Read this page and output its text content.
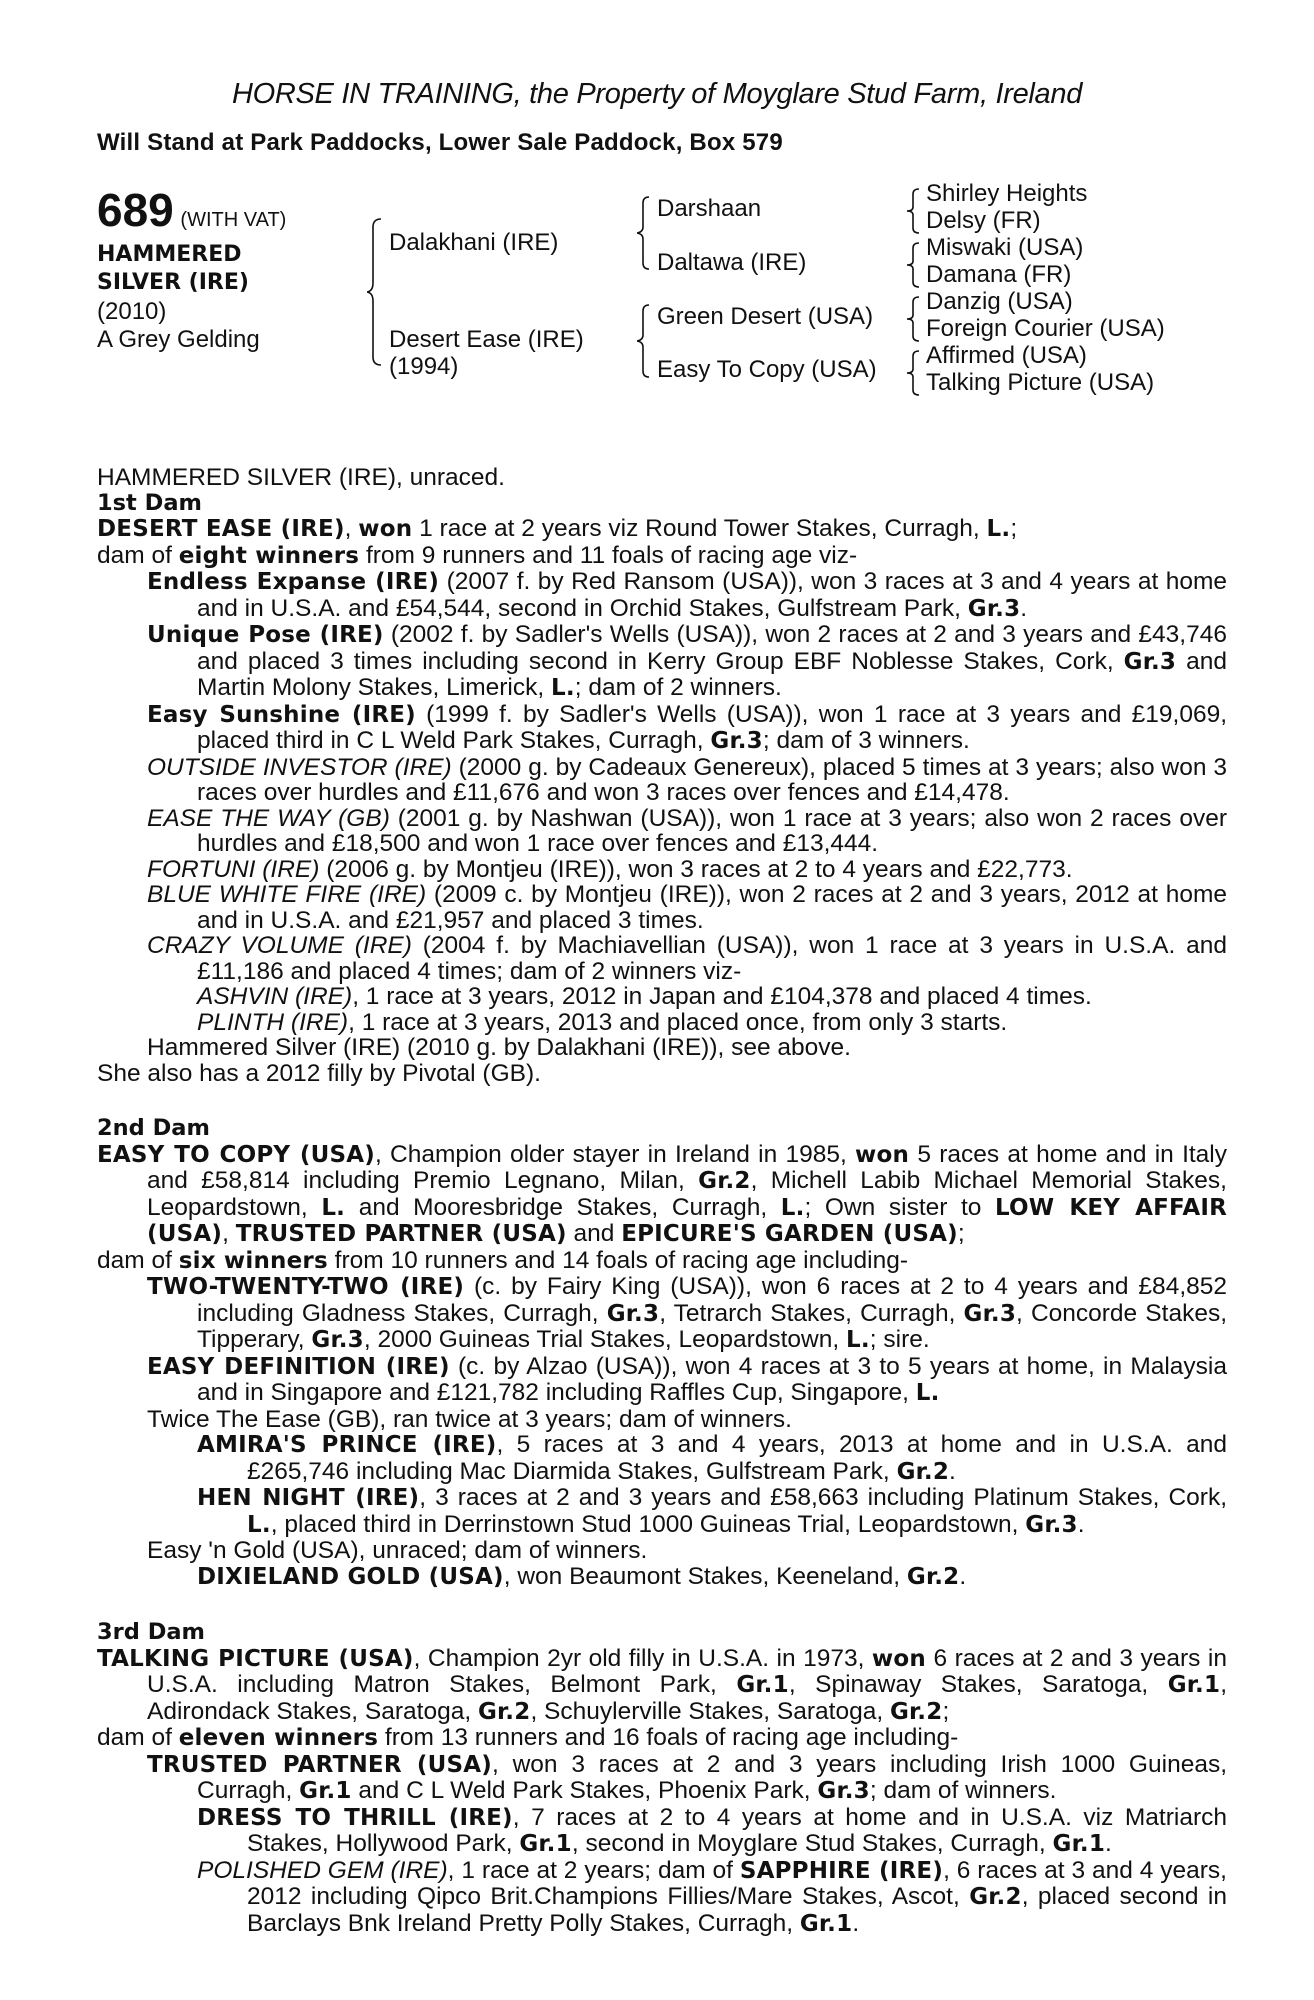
HORSE IN TRAINING, the Property of Moyglare Stud Farm, Ireland
Will Stand at Park Paddocks, Lower Sale Paddock, Box 579
689 (WITH VAT)
HAMMERED
SILVER (IRE)
(2010)
A Grey Gelding
Dalakhani (IRE)
Desert Ease (IRE)
(1994)
Darshaan
Daltawa (IRE)
Green Desert (USA)
Easy To Copy (USA)
Shirley Heights
Delsy (FR)
Miswaki (USA)
Damana (FR)
Danzig (USA)
Foreign Courier (USA)
Affirmed (USA)
Talking Picture (USA)

HAMMERED SILVER (IRE), unraced.

1st Dam

DESERT EASE (IRE), won 1 race at 2 years viz Round Tower Stakes, Curragh, L.;

dam of eight winners from 9 runners and 11 foals of racing age viz-

Endless Expanse (IRE) (2007 f. by Red Ransom (USA)), won 3 races at 3 and 4 years at home and in U.S.A. and £54,544, second in Orchid Stakes, Gulfstream Park, Gr.3.

Unique Pose (IRE) (2002 f. by Sadler's Wells (USA)), won 2 races at 2 and 3 years and £43,746 and placed 3 times including second in Kerry Group EBF Noblesse Stakes, Cork, Gr.3 and Martin Molony Stakes, Limerick, L.; dam of 2 winners.

Easy Sunshine (IRE) (1999 f. by Sadler's Wells (USA)), won 1 race at 3 years and £19,069, placed third in C L Weld Park Stakes, Curragh, Gr.3; dam of 3 winners.

OUTSIDE INVESTOR (IRE) (2000 g. by Cadeaux Genereux), placed 5 times at 3 years; also won 3 races over hurdles and £11,676 and won 3 races over fences and £14,478.

EASE THE WAY (GB) (2001 g. by Nashwan (USA)), won 1 race at 3 years; also won 2 races over hurdles and £18,500 and won 1 race over fences and £13,444.

FORTUNI (IRE) (2006 g. by Montjeu (IRE)), won 3 races at 2 to 4 years and £22,773.

BLUE WHITE FIRE (IRE) (2009 c. by Montjeu (IRE)), won 2 races at 2 and 3 years, 2012 at home and in U.S.A. and £21,957 and placed 3 times.

CRAZY VOLUME (IRE) (2004 f. by Machiavellian (USA)), won 1 race at 3 years in U.S.A. and £11,186 and placed 4 times; dam of 2 winners viz-

ASHVIN (IRE), 1 race at 3 years, 2012 in Japan and £104,378 and placed 4 times.

PLINTH (IRE), 1 race at 3 years, 2013 and placed once, from only 3 starts.

Hammered Silver (IRE) (2010 g. by Dalakhani (IRE)), see above.

She also has a 2012 filly by Pivotal (GB).

2nd Dam

EASY TO COPY (USA), Champion older stayer in Ireland in 1985, won 5 races at home and in Italy and £58,814 including Premio Legnano, Milan, Gr.2, Michell Labib Michael Memorial Stakes, Leopardstown, L. and Mooresbridge Stakes, Curragh, L.; Own sister to LOW KEY AFFAIR (USA), TRUSTED PARTNER (USA) and EPICURE'S GARDEN (USA);

dam of six winners from 10 runners and 14 foals of racing age including-

TWO-TWENTY-TWO (IRE) (c. by Fairy King (USA)), won 6 races at 2 to 4 years and £84,852 including Gladness Stakes, Curragh, Gr.3, Tetrarch Stakes, Curragh, Gr.3, Concorde Stakes, Tipperary, Gr.3, 2000 Guineas Trial Stakes, Leopardstown, L.; sire.

EASY DEFINITION (IRE) (c. by Alzao (USA)), won 4 races at 3 to 5 years at home, in Malaysia and in Singapore and £121,782 including Raffles Cup, Singapore, L.

Twice The Ease (GB), ran twice at 3 years; dam of winners.

AMIRA'S PRINCE (IRE), 5 races at 3 and 4 years, 2013 at home and in U.S.A. and £265,746 including Mac Diarmida Stakes, Gulfstream Park, Gr.2.

HEN NIGHT (IRE), 3 races at 2 and 3 years and £58,663 including Platinum Stakes, Cork, L., placed third in Derrinstown Stud 1000 Guineas Trial, Leopardstown, Gr.3.

Easy 'n Gold (USA), unraced; dam of winners.

DIXIELAND GOLD (USA), won Beaumont Stakes, Keeneland, Gr.2.

3rd Dam

TALKING PICTURE (USA), Champion 2yr old filly in U.S.A. in 1973, won 6 races at 2 and 3 years in U.S.A. including Matron Stakes, Belmont Park, Gr.1, Spinaway Stakes, Saratoga, Gr.1, Adirondack Stakes, Saratoga, Gr.2, Schuylerville Stakes, Saratoga, Gr.2;

dam of eleven winners from 13 runners and 16 foals of racing age including-

TRUSTED PARTNER (USA), won 3 races at 2 and 3 years including Irish 1000 Guineas, Curragh, Gr.1 and C L Weld Park Stakes, Phoenix Park, Gr.3; dam of winners.

DRESS TO THRILL (IRE), 7 races at 2 to 4 years at home and in U.S.A. viz Matriarch Stakes, Hollywood Park, Gr.1, second in Moyglare Stud Stakes, Curragh, Gr.1.

POLISHED GEM (IRE), 1 race at 2 years; dam of SAPPHIRE (IRE), 6 races at 3 and 4 years, 2012 including Qipco Brit.Champions Fillies/Mare Stakes, Ascot, Gr.2, placed second in Barclays Bnk Ireland Pretty Polly Stakes, Curragh, Gr.1.
